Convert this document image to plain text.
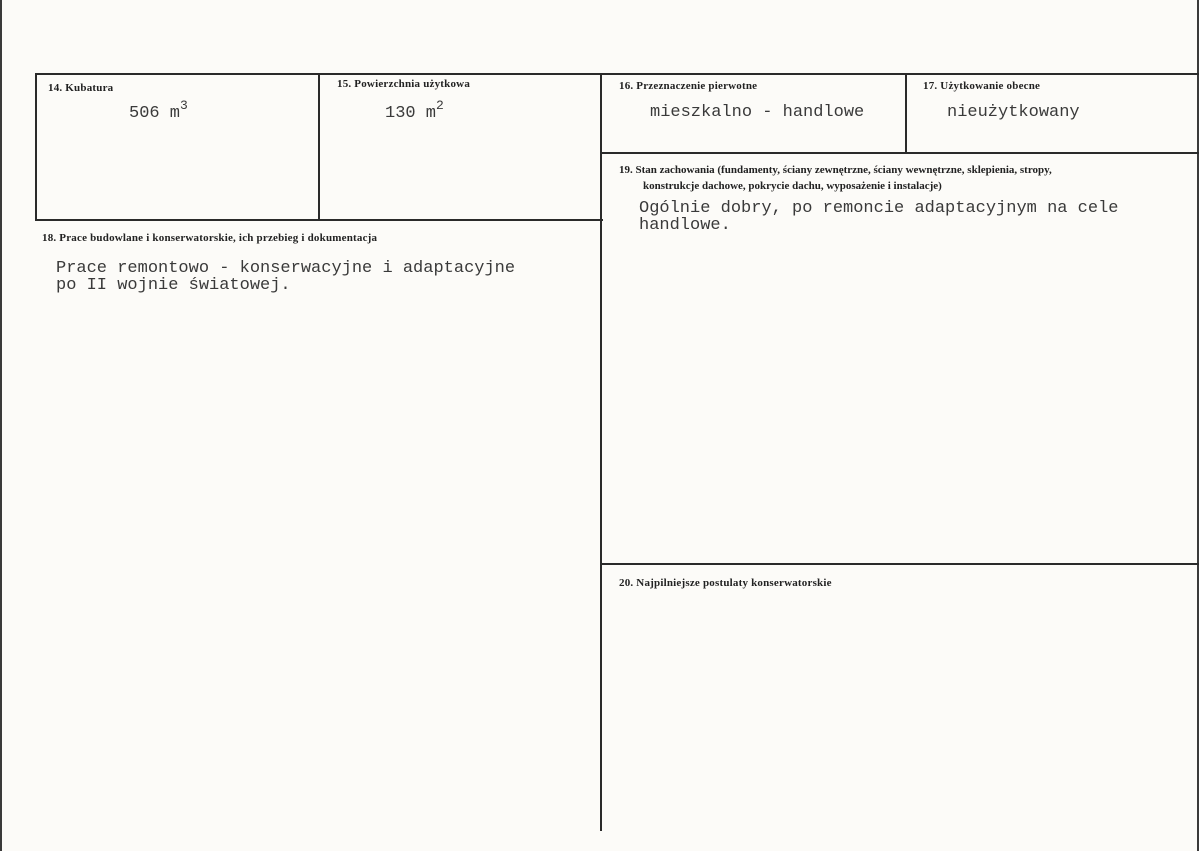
14. Kubatura
506 $m^3$
15. Powierzchnia użytkowa
130 $m^2$
16. Przeznaczenie pierwotne
mieszkalno - handlowe
17. Użytkowanie obecne
nieużytkowany
19. Stan zachowania (fundamenty, ściany zewnętrzne, ściany wewnętrzne, sklepienia, stropy,
konstrukcje dachowe, pokrycie dachu, wyposażenie i instalacje)
Ogólnie dobry, po remoncie adaptacyjnym na cele
handlowe.
18. Prace budowlane i konserwatorskie, ich przebieg i dokumentacja
Prace remontowo - konserwacyjne i adaptacyjne
po II wojnie światowej.
20. Najpilniejsze postulaty konserwatorskie
